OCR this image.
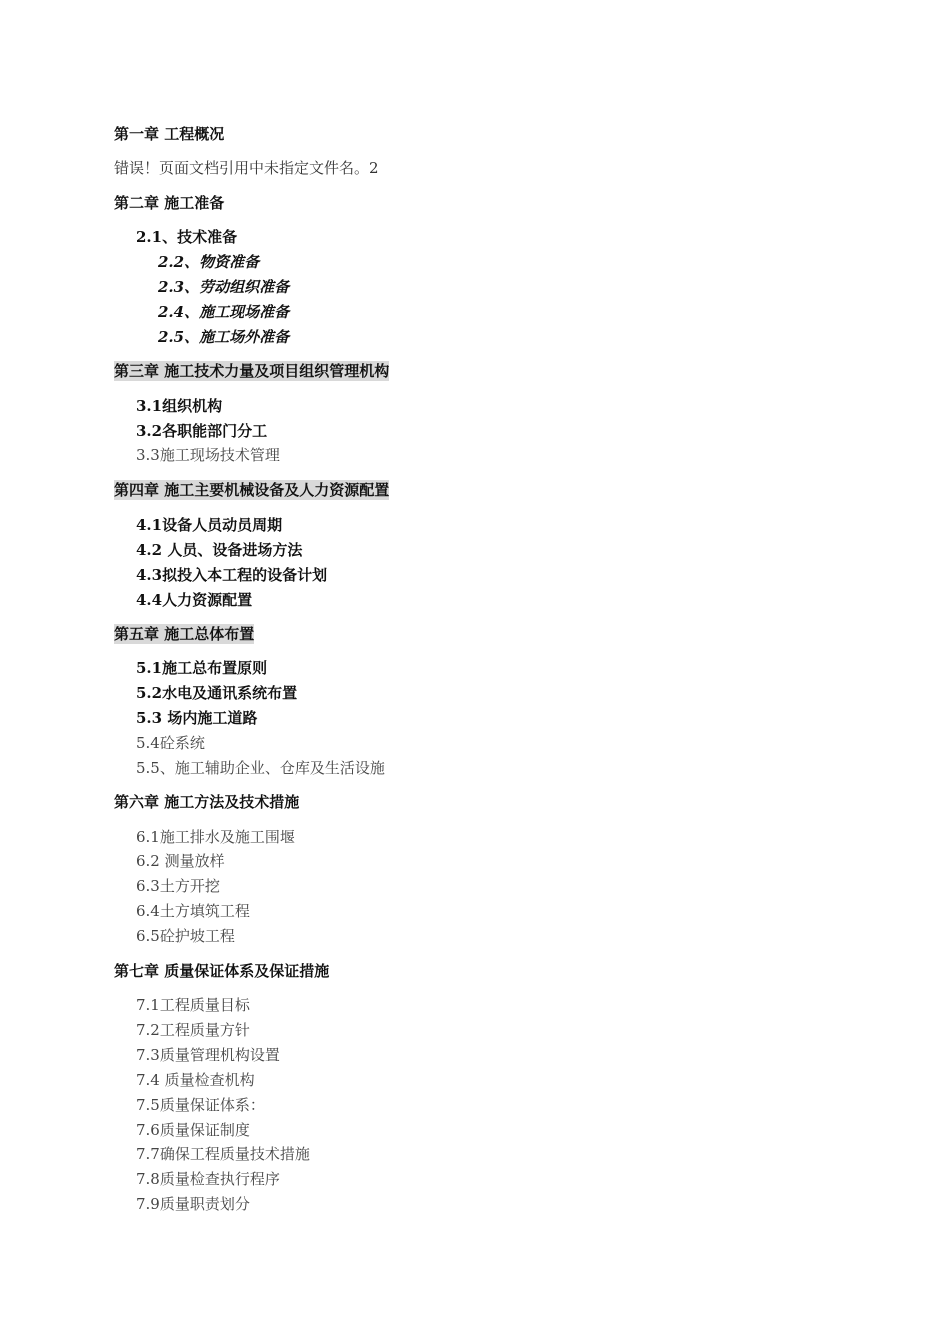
第一章 工程概况
错误！页面文档引用中未指定文件名。2
第二章 施工准备
2.1、技术准备
2.2、物资准备
2.3、劳动组织准备
2.4、施工现场准备
2.5、施工场外准备
第三章 施工技术力量及项目组织管理机构
3.1组织机构
3.2各职能部门分工
3.3施工现场技术管理
第四章 施工主要机械设备及人力资源配置
4.1设备人员动员周期
4.2 人员、设备进场方法
4.3拟投入本工程的设备计划
4.4人力资源配置
第五章 施工总体布置
5.1施工总布置原则
5.2水电及通讯系统布置
5.3 场内施工道路
5.4砼系统
5.5、施工辅助企业、仓库及生活设施
第六章 施工方法及技术措施
6.1施工排水及施工围堰
6.2 测量放样
6.3土方开挖
6.4土方填筑工程
6.5砼护坡工程
第七章 质量保证体系及保证措施
7.1工程质量目标
7.2工程质量方针
7.3质量管理机构设置
7.4 质量检查机构
7.5质量保证体系：
7.6质量保证制度
7.7确保工程质量技术措施
7.8质量检查执行程序
7.9质量职责划分
